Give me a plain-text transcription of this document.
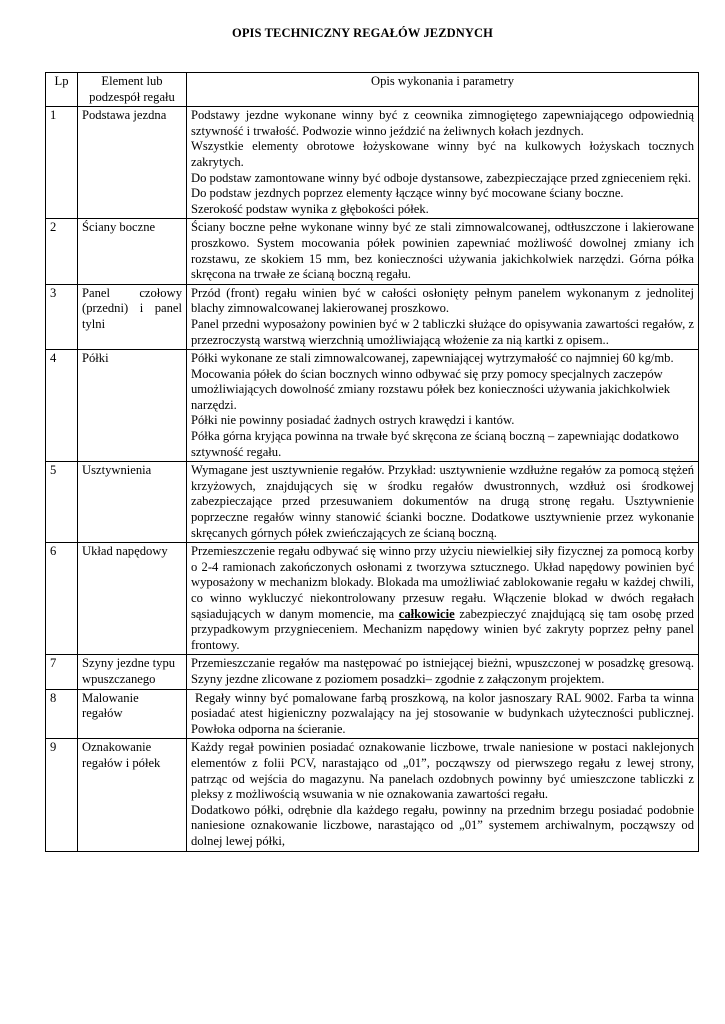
OPIS TECHNICZNY REGAŁÓW JEZDNYCH
Lp	Element lub podzespół regału	Opis wykonania i parametry
1	Podstawa jezdna	Podstawy jezdne wykonane winny być z ceownika zimnogiętego zapewniającego odpowiednią sztywność i trwałość. Podwozie winno jeździć na żeliwnych kołach jezdnych.

Wszystkie elementy obrotowe łożyskowane winny być na kulkowych łożyskach tocznych zakrytych.

Do podstaw zamontowane winny być odboje dystansowe, zabezpieczające przed zgnieceniem ręki.

Do podstaw jezdnych poprzez elementy łączące winny być mocowane ściany boczne.

Szerokość podstaw wynika z głębokości półek.

2	Ściany boczne	Ściany boczne pełne wykonane winny być ze stali zimnowalcowanej, odtłuszczone i lakierowane proszkowo. System mocowania półek powinien zapewniać możliwość dowolnej zmiany ich rozstawu, ze skokiem 15 mm, bez konieczności używania jakichkolwiek narzędzi. Górna półka skręcona na trwałe ze ścianą boczną regału.

3	Panel czołowy (przedni) i panel tylni	Przód (front) regału winien być w całości osłonięty pełnym panelem wykonanym z jednolitej blachy zimnowalcowanej lakierowanej proszkowo.

Panel przedni wyposażony powinien być w 2 tabliczki służące do opisywania zawartości regałów, z przezroczystą warstwą wierzchnią umożliwiającą włożenie za nią kartki z opisem..

4	Półki	Półki wykonane ze stali zimnowalcowanej, zapewniającej wytrzymałość co najmniej 60 kg/mb.

Mocowania półek do ścian bocznych winno odbywać się przy pomocy specjalnych zaczepów umożliwiających dowolność zmiany rozstawu półek bez konieczności używania jakichkolwiek narzędzi.

Półki nie powinny posiadać żadnych ostrych krawędzi i kantów.

Półka górna kryjąca powinna na trwałe być skręcona ze ścianą boczną – zapewniając dodatkowo sztywność regału.

5	Usztywnienia	Wymagane jest usztywnienie regałów. Przykład: usztywnienie wzdłużne regałów za pomocą stężeń krzyżowych, znajdujących się w środku regałów dwustronnych, wzdłuż osi środkowej zabezpieczające przed przesuwaniem dokumentów na drugą stronę regału. Usztywnienie poprzeczne regałów winny stanowić ścianki boczne. Dodatkowe usztywnienie przez wykonanie skręcanych górnych półek zwieńczających ze ścianą boczną.

6	Układ napędowy	Przemieszczenie regału odbywać się winno przy użyciu niewielkiej siły fizycznej za pomocą korby o 2-4 ramionach zakończonych osłonami z tworzywa sztucznego. Układ napędowy powinien być wyposażony w mechanizm blokady. Blokada ma umożliwiać zablokowanie regału w każdej chwili, co winno wykluczyć niekontrolowany przesuw regału. Włączenie blokad w dwóch regałach sąsiadujących w danym momencie, ma całkowicie zabezpieczyć znajdującą się tam osobę przed przypadkowym przygnieceniem. Mechanizm napędowy winien być zakryty poprzez pełny panel frontowy.

7	Szyny jezdne typu wpuszczanego	Przemieszczanie regałów ma następować po istniejącej bieżni, wpuszczonej w posadzkę gresową. Szyny jezdne zlicowane z poziomem posadzki– zgodnie z załączonym projektem.

8	Malowanie regałów	Regały winny być pomalowane farbą proszkową, na kolor jasnoszary RAL 9002. Farba ta winna posiadać atest higieniczny pozwalający na jej stosowanie w budynkach użyteczności publicznej. Powłoka odporna na ścieranie.

9	Oznakowanie regałów i półek	Każdy regał powinien posiadać oznakowanie liczbowe, trwale naniesione w postaci naklejonych elementów z folii PCV, narastająco od „01”, począwszy od pierwszego regału z lewej strony, patrząc od wejścia do magazynu. Na panelach ozdobnych powinny być umieszczone tabliczki z pleksy z możliwością wsuwania w nie oznakowania zawartości regału.

Dodatkowo półki, odrębnie dla każdego regału, powinny na przednim brzegu posiadać podobnie naniesione oznakowanie liczbowe, narastająco od „01” systemem archiwalnym, począwszy od dolnej lewej półki,
